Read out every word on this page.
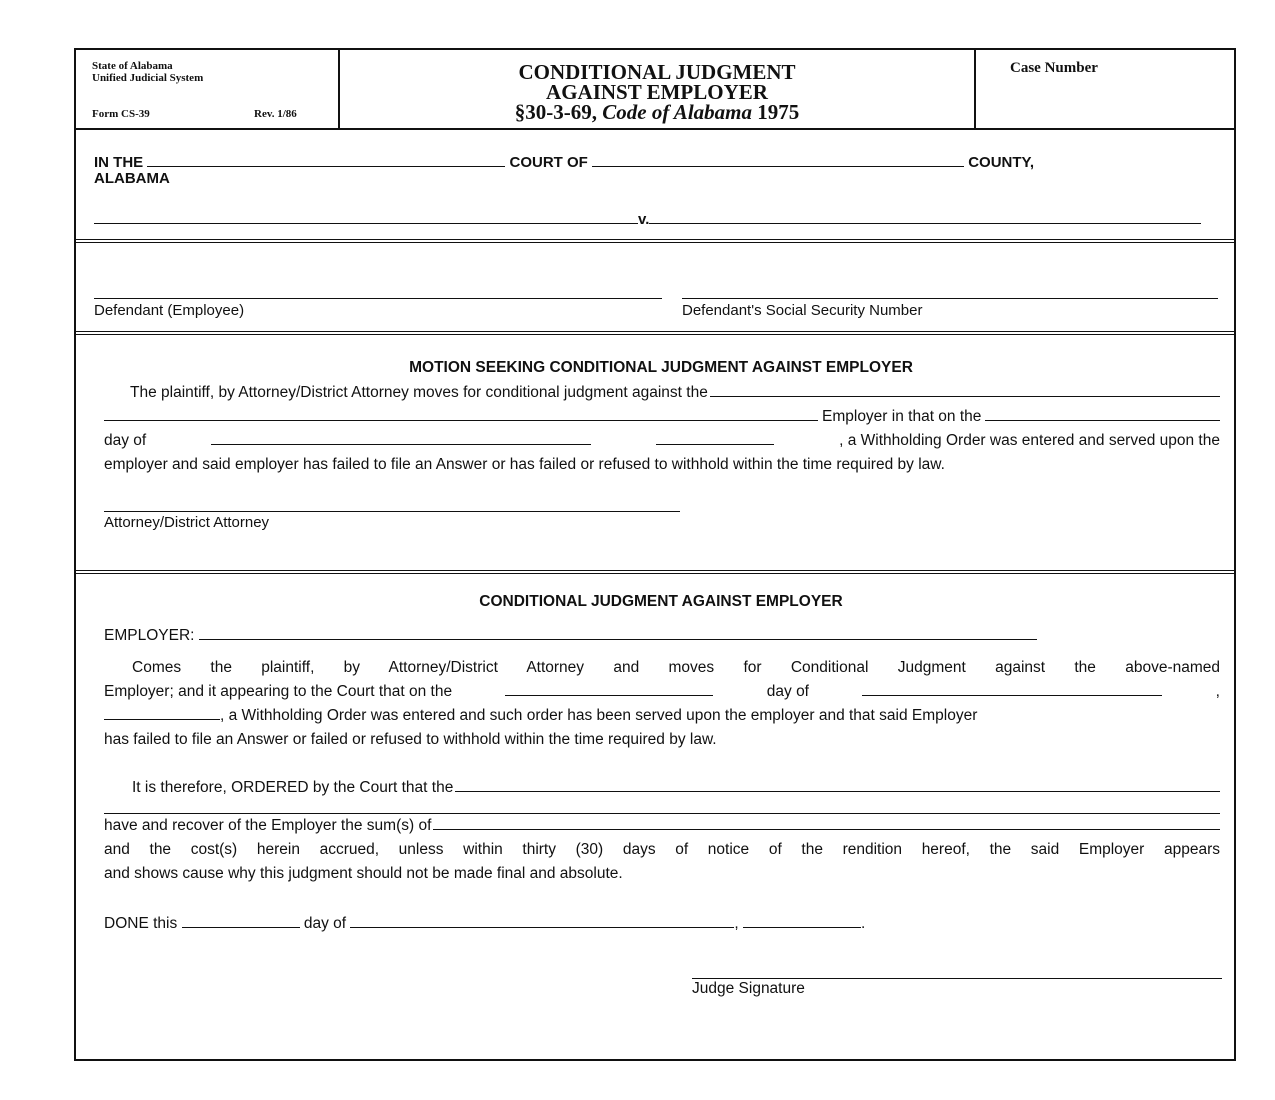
State of Alabama
Unified Judicial System
Form CS-39	Rev. 1/86
CONDITIONAL JUDGMENT
AGAINST EMPLOYER
§30-3-69, Code of Alabama 1975
Case Number
IN THE	COURT OF	COUNTY,
ALABAMA
v.
Defendant (Employee)	Defendant's Social Security Number
MOTION SEEKING CONDITIONAL JUDGMENT AGAINST EMPLOYER
The plaintiff, by Attorney/District Attorney moves for conditional judgment against the
Employer in that on the
day of	, a Withholding Order was entered and served upon the
employer and said employer has failed to file an Answer or has failed or refused to withhold within the time required by law.
Attorney/District Attorney
CONDITIONAL JUDGMENT AGAINST EMPLOYER
EMPLOYER:
Comes the plaintiff, by Attorney/District Attorney and moves for Conditional Judgment against the above-named
Employer; and it appearing to the Court that on the	day of	,
, a Withholding Order was entered and such order has been served upon the employer and that said Employer
has failed to file an Answer or failed or refused to withhold within the time required by law.
It is therefore, ORDERED by the Court that the
have and recover of the Employer the sum(s) of
and the cost(s) herein accrued, unless within thirty (30) days of notice of the rendition hereof, the said Employer appears
and shows cause why this judgment should not be made final and absolute.
DONE this	day of	,	.
Judge Signature
